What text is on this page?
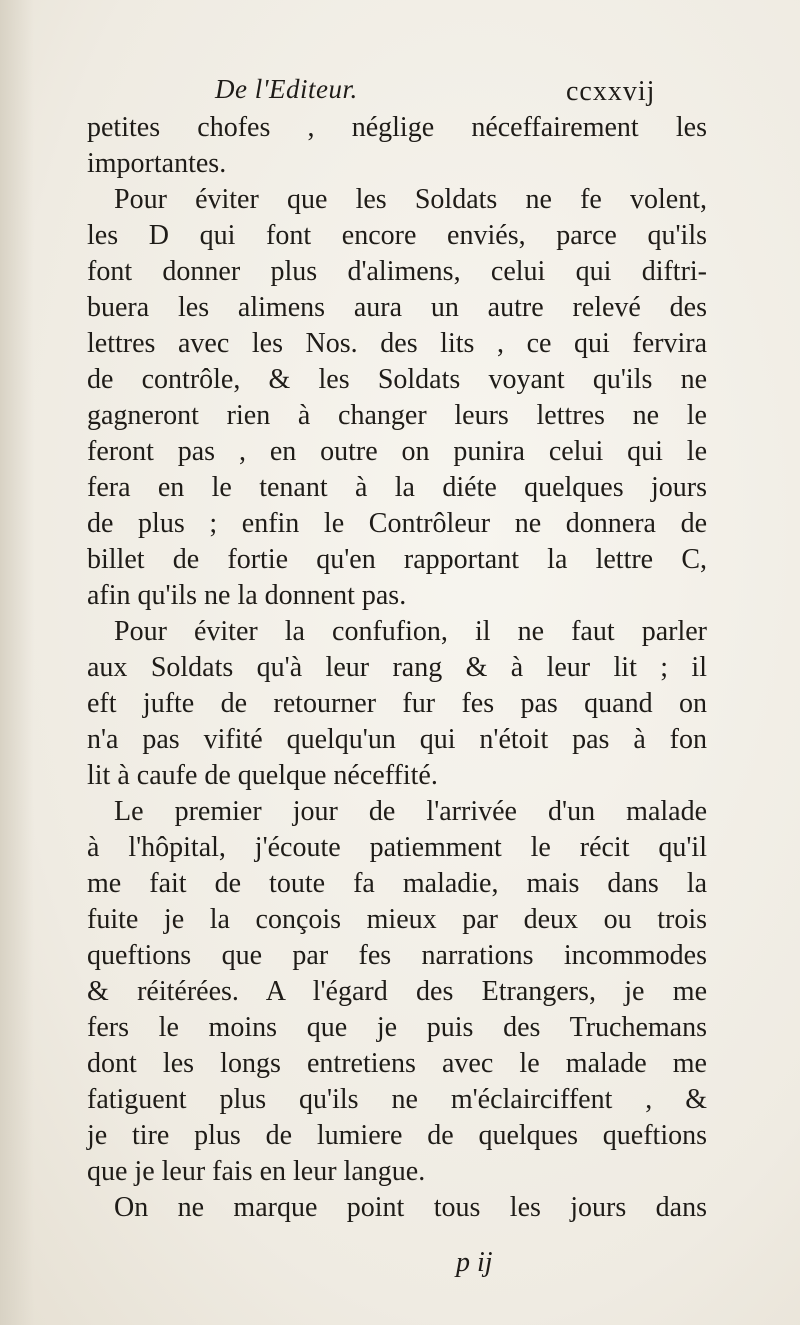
De l'Editeur.	ccxxvij
petites chofes , néglige néceffairement les
importantes.
Pour éviter que les Soldats ne fe volent,
les D qui font encore enviés, parce qu'ils
font donner plus d'alimens, celui qui diftri-
buera les alimens aura un autre relevé des
lettres avec les Nos. des lits , ce qui fervira
de contrôle, & les Soldats voyant qu'ils ne
gagneront rien à changer leurs lettres ne le
feront pas , en outre on punira celui qui le
fera en le tenant à la diéte quelques jours
de plus ; enfin le Contrôleur ne donnera de
billet de fortie qu'en rapportant la lettre C,
afin qu'ils ne la donnent pas.
Pour éviter la confufion, il ne faut parler
aux Soldats qu'à leur rang & à leur lit ; il
eft jufte de retourner fur fes pas quand on
n'a pas vifité quelqu'un qui n'étoit pas à fon
lit à caufe de quelque néceffité.
Le premier jour de l'arrivée d'un malade
à l'hôpital, j'écoute patiemment le récit qu'il
me fait de toute fa maladie, mais dans la
fuite je la conçois mieux par deux ou trois
queftions que par fes narrations incommodes
& réitérées. A l'égard des Etrangers, je me
fers le moins que je puis des Truchemans
dont les longs entretiens avec le malade me
fatiguent plus qu'ils ne m'éclairciffent , &
je tire plus de lumiere de quelques queftions
que je leur fais en leur langue.
On ne marque point tous les jours dans
p ij
